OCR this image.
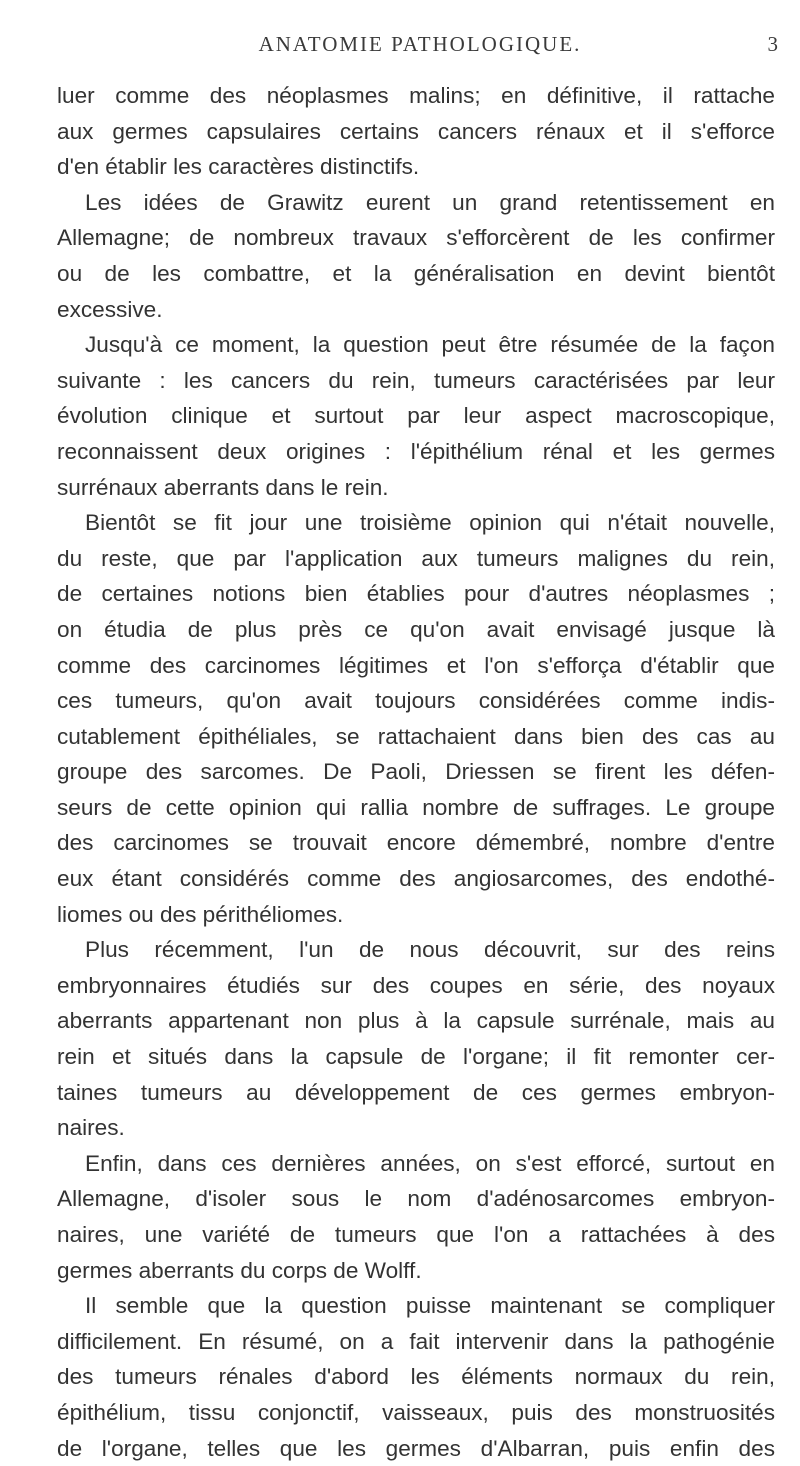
ANATOMIE PATHOLOGIQUE.	3
luer comme des néoplasmes malins; en définitive, il rattache
aux germes capsulaires certains cancers rénaux et il s'efforce
d'en établir les caractères distinctifs.
Les idées de Grawitz eurent un grand retentissement en
Allemagne; de nombreux travaux s'efforcèrent de les confirmer
ou de les combattre, et la généralisation en devint bientôt
excessive.
Jusqu'à ce moment, la question peut être résumée de la façon
suivante : les cancers du rein, tumeurs caractérisées par leur
évolution clinique et surtout par leur aspect macroscopique,
reconnaissent deux origines : l'épithélium rénal et les germes
surrénaux aberrants dans le rein.
Bientôt se fit jour une troisième opinion qui n'était nouvelle,
du reste, que par l'application aux tumeurs malignes du rein,
de certaines notions bien établies pour d'autres néoplasmes ;
on étudia de plus près ce qu'on avait envisagé jusque là
comme des carcinomes légitimes et l'on s'efforça d'établir que
ces tumeurs, qu'on avait toujours considérées comme indis-
cutablement épithéliales, se rattachaient dans bien des cas au
groupe des sarcomes. De Paoli, Driessen se firent les défen-
seurs de cette opinion qui rallia nombre de suffrages. Le groupe
des carcinomes se trouvait encore démembré, nombre d'entre
eux étant considérés comme des angiosarcomes, des endothé-
liomes ou des périthéliomes.
Plus récemment, l'un de nous découvrit, sur des reins
embryonnaires étudiés sur des coupes en série, des noyaux
aberrants appartenant non plus à la capsule surrénale, mais au
rein et situés dans la capsule de l'organe; il fit remonter cer-
taines tumeurs au développement de ces germes embryon-
naires.
Enfin, dans ces dernières années, on s'est efforcé, surtout en
Allemagne, d'isoler sous le nom d'adénosarcomes embryon-
naires, une variété de tumeurs que l'on a rattachées à des
germes aberrants du corps de Wolff.
Il semble que la question puisse maintenant se compliquer
difficilement. En résumé, on a fait intervenir dans la pathogénie
des tumeurs rénales d'abord les éléments normaux du rein,
épithélium, tissu conjonctif, vaisseaux, puis des monstruosités
de l'organe, telles que les germes d'Albarran, puis enfin des
